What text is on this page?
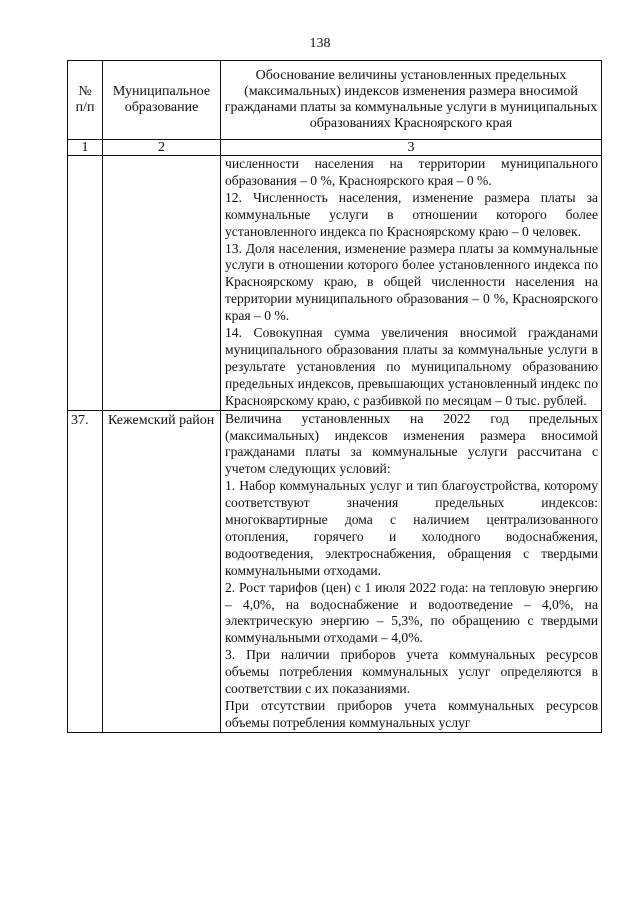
138
№ п/п	Муниципальное образование	Обоснование величины установленных предельных (максимальных) индексов изменения размера вносимой гражданами платы за коммунальные услуги в муниципальных образованиях Красноярского края
1	2	3

		численности населения на территории муниципального образования – 0 %, Красноярского края – 0 %.

12. Численность населения, изменение размера платы за коммунальные услуги в отношении которого более установленного индекса по Красноярскому краю – 0 человек.

13. Доля населения, изменение размера платы за коммунальные услуги в отношении которого более установленного индекса по Красноярскому краю, в общей численности населения на территории муниципального образования – 0 %, Красноярского края – 0 %.

14. Совокупная сумма увеличения вносимой гражданами муниципального образования платы за коммунальные услуги в результате установления по муниципальному образованию предельных индексов, превышающих установленный индекс по Красноярскому краю, с разбивкой по месяцам – 0 тыс. рублей.

37.	Кежемский район	Величина установленных на 2022 год предельных (максимальных) индексов изменения размера вносимой гражданами платы за коммунальные услуги рассчитана с учетом следующих условий:

1. Набор коммунальных услуг и тип благоустройства, которому соответствуют значения предельных индексов: многоквартирные дома с наличием централизованного отопления, горячего и холодного водоснабжения, водоотведения, электроснабжения, обращения с твердыми коммунальными отходами.

2. Рост тарифов (цен) с 1 июля 2022 года: на тепловую энергию – 4,0%, на водоснабжение и водоотведение – 4,0%, на электрическую энергию – 5,3%, по обращению с твердыми коммунальными отходами – 4,0%.

3. При наличии приборов учета коммунальных ресурсов объемы потребления коммунальных услуг определяются в соответствии с их показаниями.

При отсутствии приборов учета коммунальных ресурсов объемы потребления коммунальных услуг
